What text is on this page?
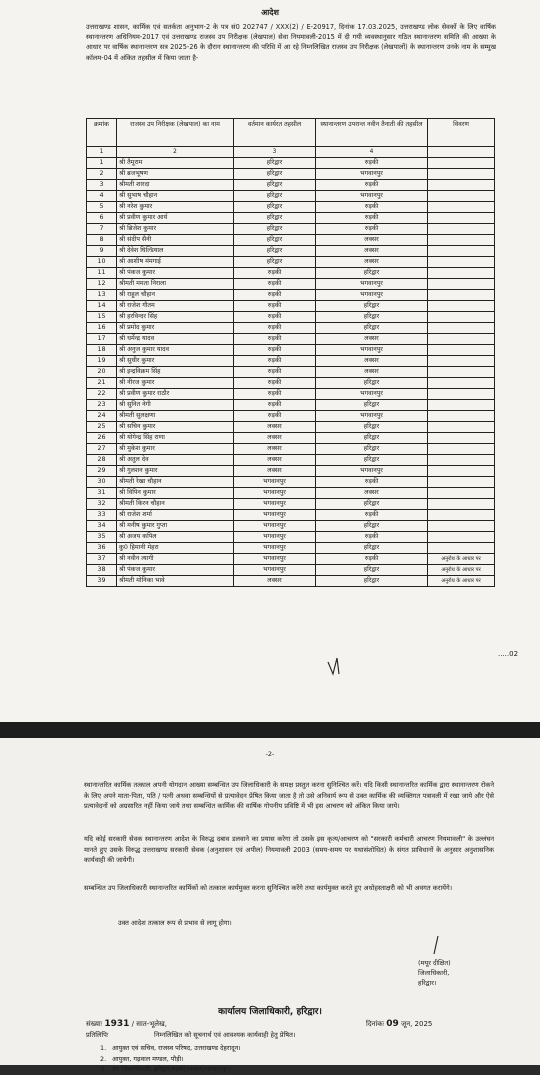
आदेश
उत्तराखण्ड शासन, कार्मिक एवं सतर्कता अनुभाग-2 के पत्र सं0 202747 / XXX(2) / E-20917, दिनांक 17.03.2025, उत्तराखण्ड लोक सेवकों के लिए वार्षिक स्थानान्तरण अधिनियम-2017 एवं उत्तराखण्ड राजस्व उप निरीक्षक (लेखपाल) सेवा नियमावली-2015 में दी गयी व्यवस्थानुसार गठित स्थानान्तरण समिति की आख्या के आधार पर वार्षिक स्थानान्तरण सत्र 2025-26 के दौरान स्थानान्तरण की परिधि में आ रहे निम्नलिखित राजस्व उप निरीक्षक (लेखपालों) के स्थानान्तरण उनके नाम के सम्मुख कॉलम-04 में अंकित तहसील में किया जाता है-
क्रमांक	राजस्व उप निरीक्षक (लेखपाल) का नाम	वर्तमान कार्यरत तहसील	स्थानान्तरण उपरान्त नवीन तैनाती की तहसील	विवरण
1	2	3	4	
1	श्री तैमूराम	हरिद्वार	रुड़की	
2	श्री ब्रजभूषण	हरिद्वार	भगवानपुर	
3	श्रीमती शारदा	हरिद्वार	रुड़की	
4	श्री सुभाष चौहान	हरिद्वार	भगवानपुर	
5	श्री नरेश कुमार	हरिद्वार	रुड़की	
6	श्री प्रवीण कुमार आर्य	हरिद्वार	रुड़की	
7	श्री ब्रिजेश कुमार	हरिद्वार	रुड़की	
8	श्री संदीप सैनी	हरिद्वार	लक्सर	
9	श्री देवेश घिल्डियाल	हरिद्वार	लक्सर	
10	श्री आशीष मंमगाई	हरिद्वार	लक्सर	
11	श्री पंकज कुमार	रुड़की	हरिद्वार	
12	श्रीमती ममता निराला	रुड़की	भगवानपुर	
13	श्री राहुल चौहान	रुड़की	भगवानपुर	
14	श्री राजेश गौतम	रुड़की	हरिद्वार	
15	श्री हरविन्दर सिंह	रुड़की	हरिद्वार	
16	श्री प्रमोद कुमार	रुड़की	हरिद्वार	
17	श्री धर्मेन्द्र यादव	रुड़की	लक्सर	
18	श्री अनुज कुमार यादव	रुड़की	भगवानपुर	
19	श्री सुधीर कुमार	रुड़की	लक्सर	
20	श्री इन्द्रविक्रम सिंह	रुड़की	लक्सर	
21	श्री नीरज कुमार	रुड़की	हरिद्वार	
22	श्री प्रवीण कुमार राठौर	रुड़की	भगवानपुर	
23	श्री सुनित नेगी	रुड़की	हरिद्वार	
24	श्रीमती सुलक्षणा	रुड़की	भगवानपुर	
25	श्री सचिन कुमार	लक्सर	हरिद्वार	
26	श्री योगेन्द्र सिंह राणा	लक्सर	हरिद्वार	
27	श्री मुकेश कुमार	लक्सर	हरिद्वार	
28	श्री अतुल देव	लक्सर	हरिद्वार	
29	श्री गुलशन कुमार	लक्सर	भगवानपुर	
30	श्रीमती रेखा चौहान	भगवानपुर	रुड़की	
31	श्री विपिन कुमार	भगवानपुर	लक्सर	
32	श्रीमती किरन चौहान	भगवानपुर	हरिद्वार	
33	श्री राजेश शर्मा	भगवानपुर	रुड़की	
34	श्री मनीष कुमार गुप्ता	भगवानपुर	हरिद्वार	
35	श्री अजय कपिल	भगवानपुर	रुड़की	
36	कु0 हिमानी मेहरा	भगवानपुर	हरिद्वार	
37	श्री नवीन त्यागी	भगवानपुर	रुड़की	अनुरोध के आधार पर
38	श्री पंकज कुमार	भगवानपुर	हरिद्वार	अनुरोध के आधार पर
39	श्रीमती मोनिका भावे	लक्सर	हरिद्वार	अनुरोध के आधार पर
.....02
-2-
स्थानान्तरित कार्मिक तत्काल अपनी योगदान आख्या सम्बन्धित उप जिलाधिकारी के समक्ष प्रस्तुत करना सुनिश्चित करें। यदि किसी स्थानान्तरित कार्मिक द्वारा स्थानान्तरण रोकने के लिए अपने माता-पिता, पति / पत्नी अथवा सम्बन्धियों से प्रत्यावेदन प्रेषित किया जाता है तो उसे अनिवार्य रूप से उक्त कार्मिक की व्यक्तिगत पत्रावली में रखा जाये और ऐसे प्रत्यावेदनों को अग्रसारित नहीं किया जाये तथा सम्बन्धित कार्मिक की वार्षिक गोपनीय प्रविष्टि में भी इस आचरण को अंकित किया जाये।
यदि कोई सरकारी सेवक स्थानान्तरण आदेश के विरुद्ध दबाव डलवाने का प्रयास करेगा तो उसके इस कृत्य/आचरण को "सरकारी कर्मचारी आचरण नियमावली" के उल्लंघन मानते हुए उसके विरुद्ध उत्तराखण्ड सरकारी सेवक (अनुशासन एवं अपील) नियमावली 2003 (समय-समय पर यथासंशोधित) के संगत प्राविधानों के अनुसार अनुशासनिक कार्यवाही की जायेगी।
सम्बन्धित उप जिलाधिकारी स्थानान्तरित कार्मिकों को तत्काल कार्यमुक्त करना सुनिश्चित करेंगे तथा कार्यमुक्त करते हुए अधोहस्ताक्षरी को भी अवगत करायेंगे।
उक्त आदेश तत्काल रूप से प्रभाव से लागू होगा।
(मयूर दीक्षित)
जिलाधिकारी,
हरिद्वार।
कार्यालय जिलाधिकारी, हरिद्वार।
संख्याः 1931 / सात-भूलेख,	दिनांकः 09 जून, 2025
प्रतिलिपिः	निम्नलिखित को सूचनार्थ एवं आवश्यक कार्यवाही हेतु प्रेषित।
1. आयुक्त एवं सचिव, राजस्व परिषद, उत्तराखण्ड देहरादून।
2. आयुक्त, गढ़वाल मण्डल, पौड़ी।
3. उप जिलाधिकारी, हरिद्वार/रुड़की/लक्सर/भगवानपुर।
